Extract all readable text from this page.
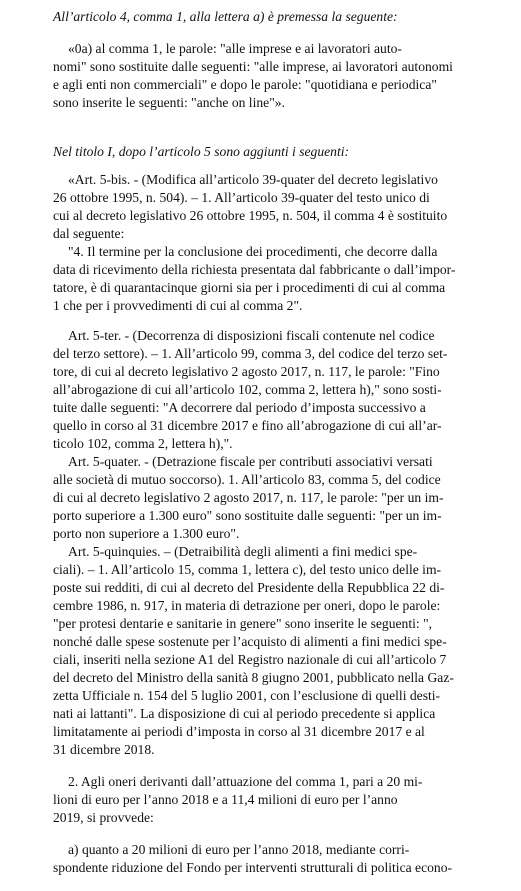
All’articolo 4, comma 1, alla lettera a) è premessa la seguente:
«0a) al comma 1, le parole: "alle imprese e ai lavoratori auto-
nomi" sono sostituite dalle seguenti: "alle imprese, ai lavoratori autonomi
e agli enti non commerciali" e dopo le parole: "quotidiana e periodica"
sono inserite le seguenti: "anche on line"».
Nel titolo I, dopo l’articolo 5 sono aggiunti i seguenti:
«Art. 5-bis. - (Modifica all’articolo 39-quater del decreto legislativo
26 ottobre 1995, n. 504). – 1. All’articolo 39-quater del testo unico di
cui al decreto legislativo 26 ottobre 1995, n. 504, il comma 4 è sostituito
dal seguente:
"4. Il termine per la conclusione dei procedimenti, che decorre dalla
data di ricevimento della richiesta presentata dal fabbricante o dall’impor-
tatore, è di quarantacinque giorni sia per i procedimenti di cui al comma
1 che per i provvedimenti di cui al comma 2".
Art. 5-ter. - (Decorrenza di disposizioni fiscali contenute nel codice
del terzo settore). – 1. All’articolo 99, comma 3, del codice del terzo set-
tore, di cui al decreto legislativo 2 agosto 2017, n. 117, le parole: "Fino
all’abrogazione di cui all’articolo 102, comma 2, lettera h)," sono sosti-
tuite dalle seguenti: "A decorrere dal periodo d’imposta successivo a
quello in corso al 31 dicembre 2017 e fino all’abrogazione di cui all’ar-
ticolo 102, comma 2, lettera h),".
Art. 5-quater. - (Detrazione fiscale per contributi associativi versati
alle società di mutuo soccorso). 1. All’articolo 83, comma 5, del codice
di cui al decreto legislativo 2 agosto 2017, n. 117, le parole: "per un im-
porto superiore a 1.300 euro" sono sostituite dalle seguenti: "per un im-
porto non superiore a 1.300 euro".
Art. 5-quinquies. – (Detraibilità degli alimenti a fini medici spe-
ciali). – 1. All’articolo 15, comma 1, lettera c), del testo unico delle im-
poste sui redditi, di cui al decreto del Presidente della Repubblica 22 di-
cembre 1986, n. 917, in materia di detrazione per oneri, dopo le parole:
"per protesi dentarie e sanitarie in genere" sono inserite le seguenti: ",
nonché dalle spese sostenute per l’acquisto di alimenti a fini medici spe-
ciali, inseriti nella sezione A1 del Registro nazionale di cui all’articolo 7
del decreto del Ministro della sanità 8 giugno 2001, pubblicato nella Gaz-
zetta Ufficiale n. 154 del 5 luglio 2001, con l’esclusione di quelli desti-
nati ai lattanti". La disposizione di cui al periodo precedente si applica
limitatamente ai periodi d’imposta in corso al 31 dicembre 2017 e al
31 dicembre 2018.
2. Agli oneri derivanti dall’attuazione del comma 1, pari a 20 mi-
lioni di euro per l’anno 2018 e a 11,4 milioni di euro per l’anno
2019, si provvede:
a) quanto a 20 milioni di euro per l’anno 2018, mediante corri-
spondente riduzione del Fondo per interventi strutturali di politica econo-
